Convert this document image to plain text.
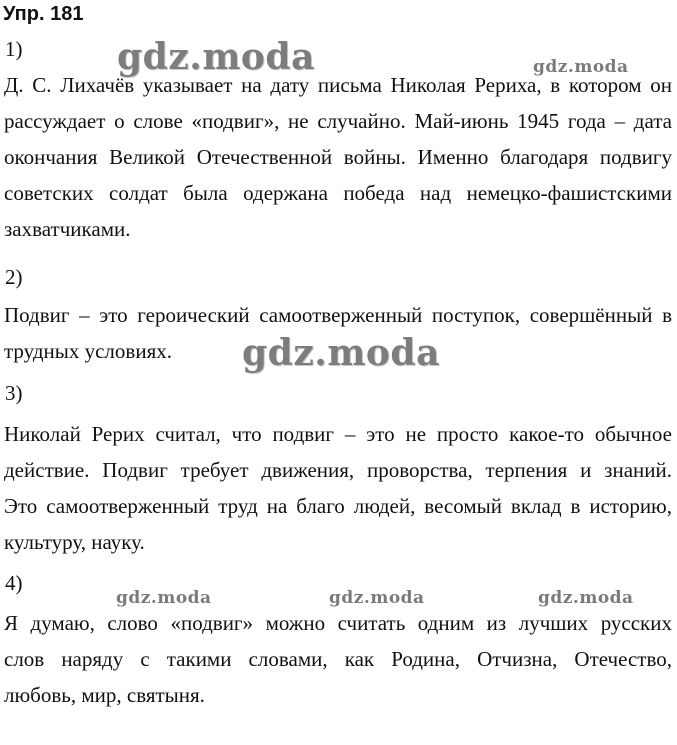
Упр. 181
1)
Д. С. Лихачёв указывает на дату письма Николая Рериха, в котором он
рассуждает о слове «подвиг», не случайно. Май-июнь 1945 года – дата
окончания Великой Отечественной войны. Именно благодаря подвигу
советских солдат была одержана победа над немецко-фашистскими
захватчиками.
2)
Подвиг – это героический самоотверженный поступок, совершённый в
трудных условиях.
3)
Николай Рерих считал, что подвиг – это не просто какое-то обычное
действие. Подвиг требует движения, проворства, терпения и знаний.
Это самоотверженный труд на благо людей, весомый вклад в историю,
культуру, науку.
4)
Я думаю, слово «подвиг» можно считать одним из лучших русских
слов наряду с такими словами, как Родина, Отчизна, Отечество,
любовь, мир, святыня.
gdz.moda	gdz.moda
gdz.moda
gdz.moda	gdz.moda	gdz.moda
